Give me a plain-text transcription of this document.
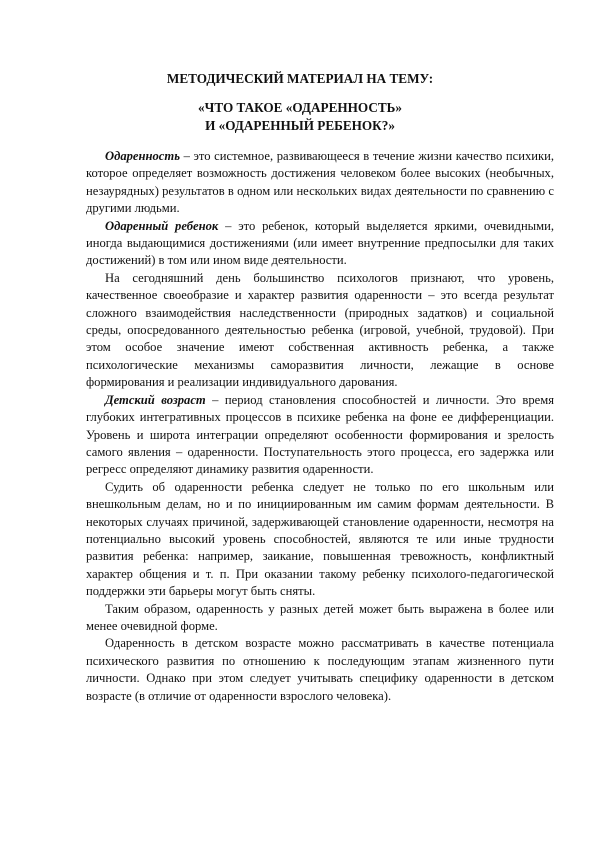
МЕТОДИЧЕСКИЙ МАТЕРИАЛ НА ТЕМУ:
«ЧТО ТАКОЕ «ОДАРЕННОСТЬ»
И «ОДАРЕННЫЙ РЕБЕНОК?»

Одаренность – это системное, развивающееся в течение жизни качество психики, которое определяет возможность достижения человеком более высоких (необычных, незаурядных) результатов в одном или нескольких видах деятельности по сравнению с другими людьми.

Одаренный ребенок – это ребенок, который выделяется яркими, очевидными, иногда выдающимися достижениями (или имеет внутренние предпосылки для таких достижений) в том или ином виде деятельности.

На сегодняшний день большинство психологов признают, что уровень, качественное своеобразие и характер развития одаренности – это всегда результат сложного взаимодействия наследственности (природных задатков) и социальной среды, опосредованного деятельностью ребенка (игровой, учебной, трудовой). При этом особое значение имеют собственная активность ребенка, а также психологические механизмы саморазвития личности, лежащие в основе формирования и реализации индивидуального дарования.

Детский возраст – период становления способностей и личности. Это время глубоких интегративных процессов в психике ребенка на фоне ее дифференциации. Уровень и широта интеграции определяют особенности формирования и зрелость самого явления – одаренности. Поступательность этого процесса, его задержка или регресс определяют динамику развития одаренности.

Судить об одаренности ребенка следует не только по его школьным или внешкольным делам, но и по инициированным им самим формам деятельности. В некоторых случаях причиной, задерживающей становление одаренности, несмотря на потенциально высокий уровень способностей, являются те или иные трудности развития ребенка: например, заикание, повышенная тревожность, конфликтный характер общения и т. п. При оказании такому ребенку психолого-педагогической поддержки эти барьеры могут быть сняты.

Таким образом, одаренность у разных детей может быть выражена в более или менее очевидной форме.

Одаренность в детском возрасте можно рассматривать в качестве потенциала психического развития по отношению к последующим этапам жизненного пути личности. Однако при этом следует учитывать специфику одаренности в детском возрасте (в отличие от одаренности взрослого человека).
